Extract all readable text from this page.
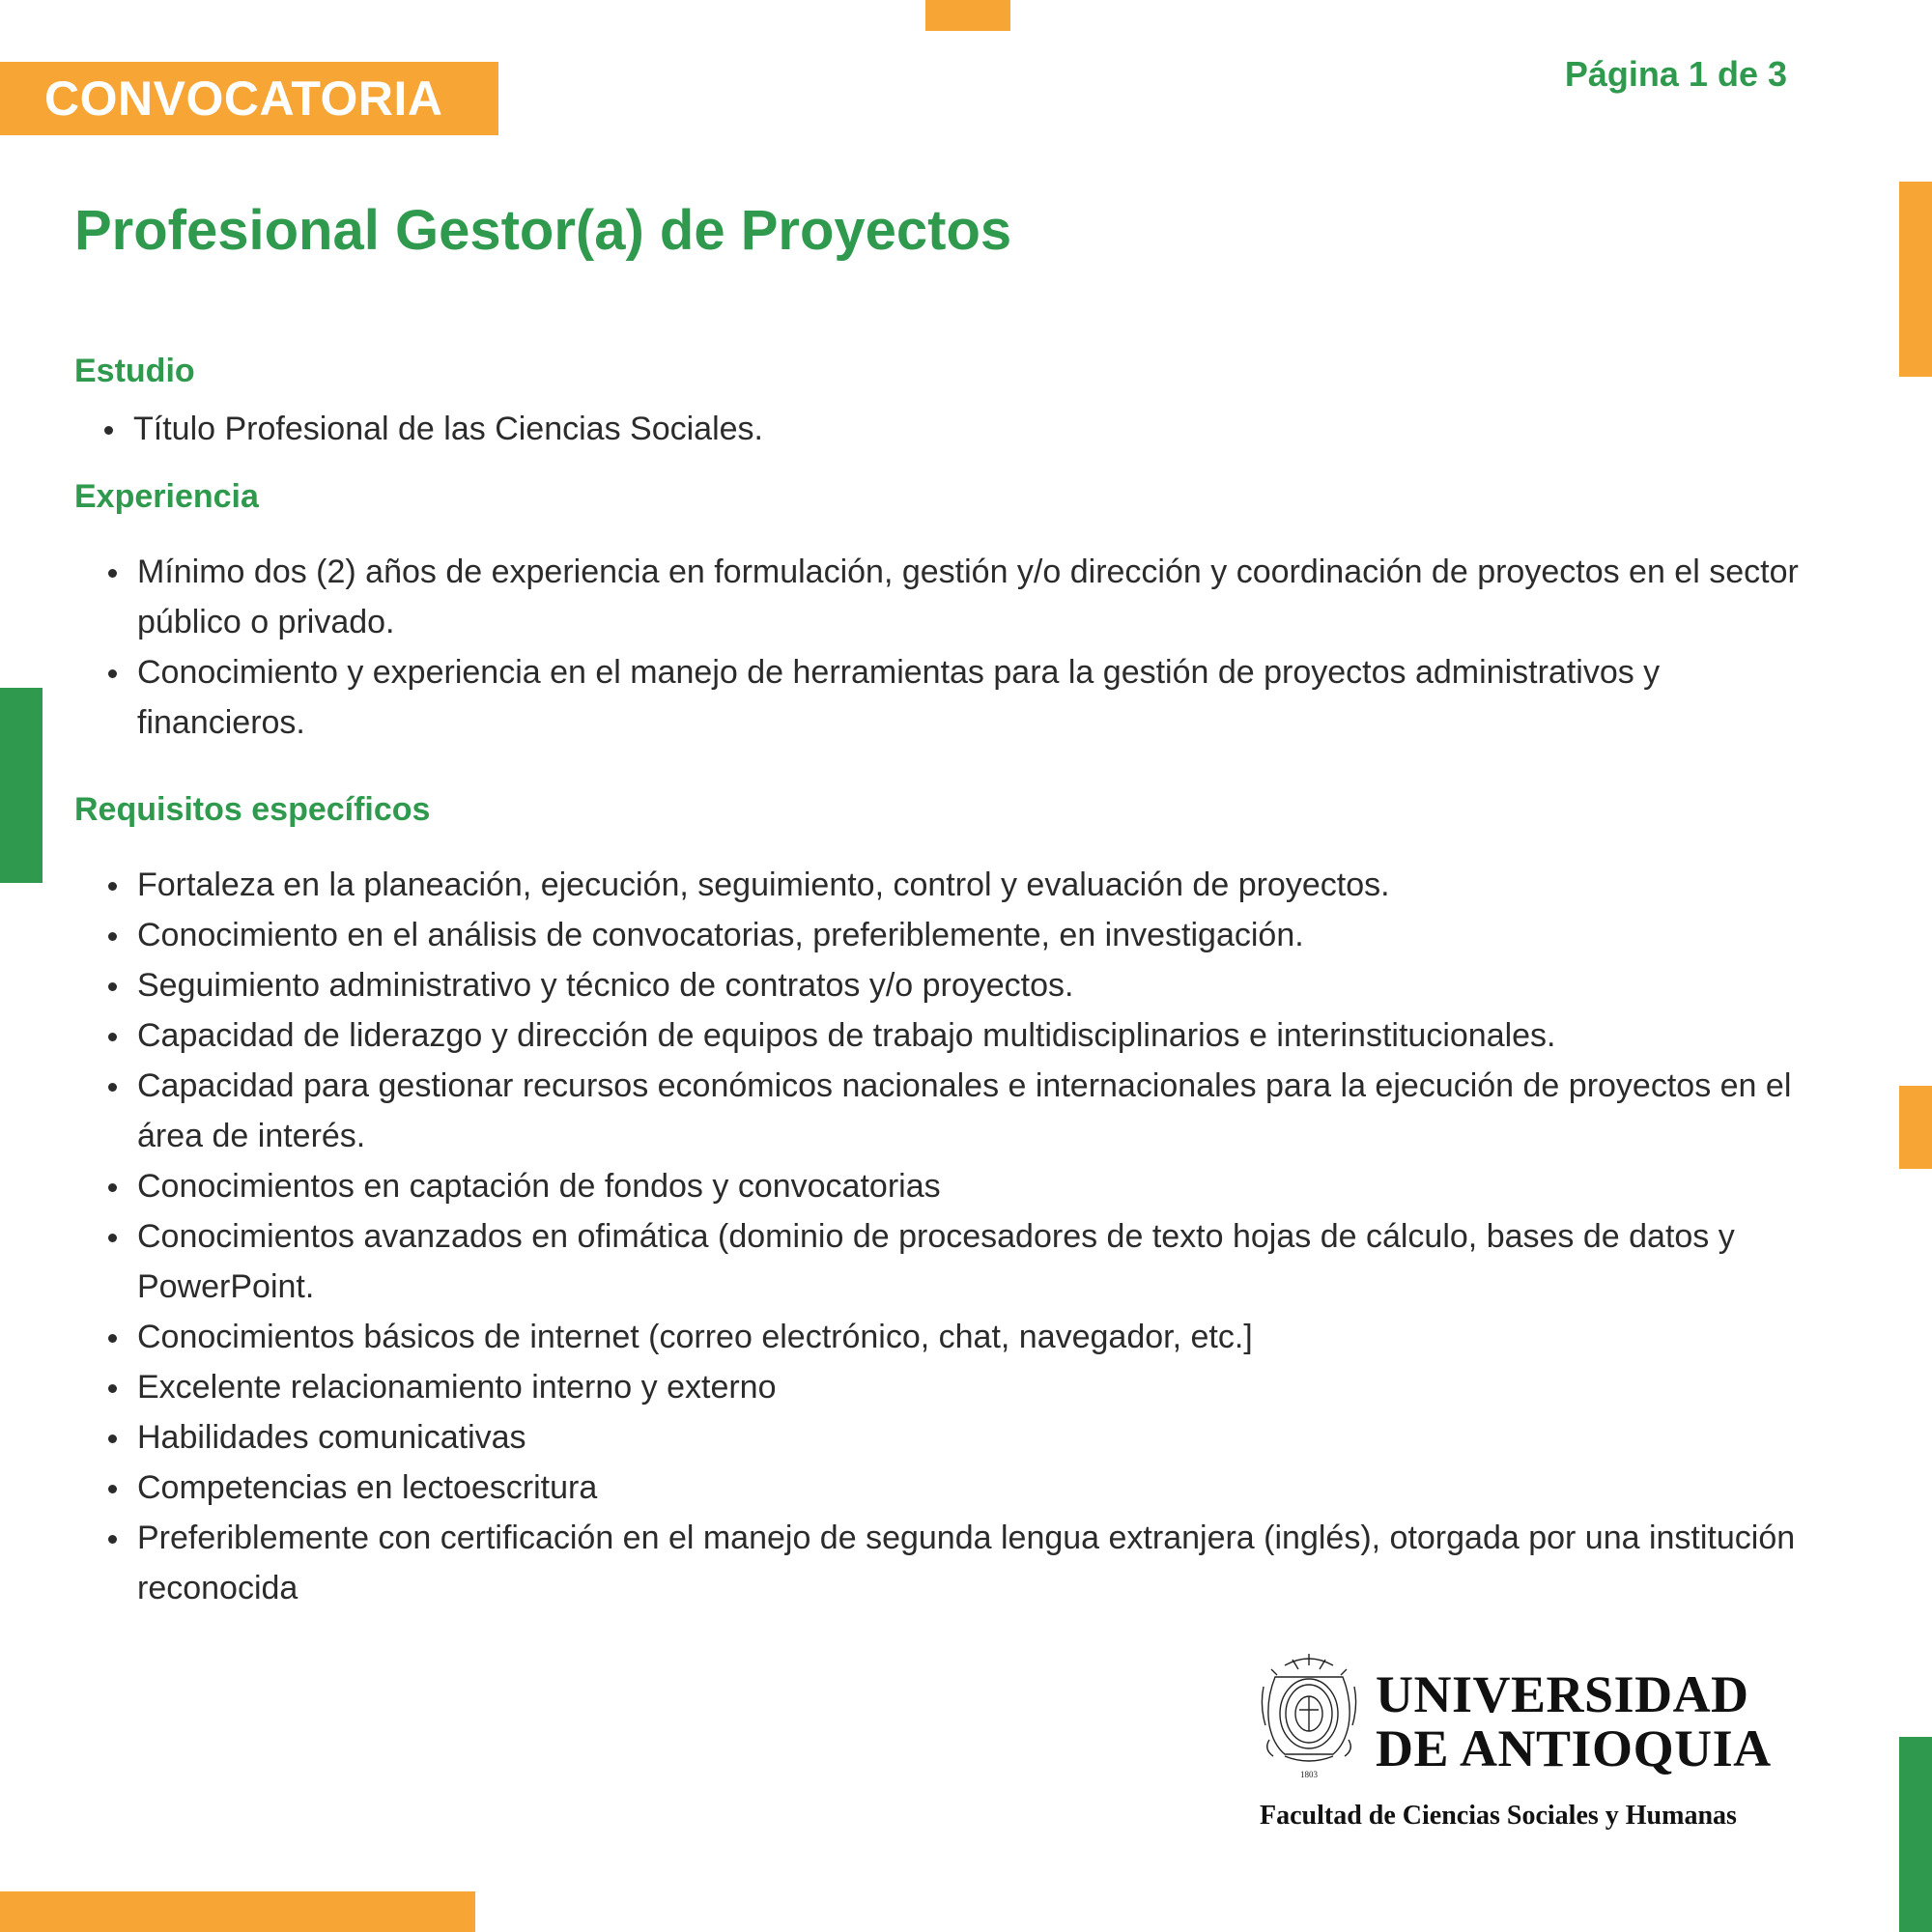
CONVOCATORIA	Página 1 de 3
Profesional Gestor(a) de Proyectos
Estudio
Título Profesional de las Ciencias Sociales.
Experiencia
Mínimo dos (2) años de experiencia en formulación, gestión y/o dirección y coordinación de proyectos en el sector público o privado.
Conocimiento y experiencia en el manejo de herramientas para la gestión de proyectos administrativos y financieros.
Requisitos específicos
Fortaleza en la planeación, ejecución, seguimiento, control y evaluación de proyectos.
Conocimiento en el análisis de convocatorias, preferiblemente, en investigación.
Seguimiento administrativo y técnico de contratos y/o proyectos.
Capacidad de liderazgo y dirección de equipos de trabajo multidisciplinarios e interinstitucionales.
Capacidad para gestionar recursos económicos nacionales e internacionales para la ejecución de proyectos en el área de interés.
Conocimientos en captación de fondos y convocatorias
Conocimientos avanzados en ofimática (dominio de procesadores de texto hojas de cálculo, bases de datos y PowerPoint.
Conocimientos básicos de internet (correo electrónico, chat, navegador, etc.]
Excelente relacionamiento interno y externo
Habilidades comunicativas
Competencias en lectoescritura
Preferiblemente con certificación en el manejo de segunda lengua extranjera (inglés), otorgada por una institución reconocida
1803
UNIVERSIDAD
DE ANTIOQUIA
Facultad de Ciencias Sociales y Humanas
